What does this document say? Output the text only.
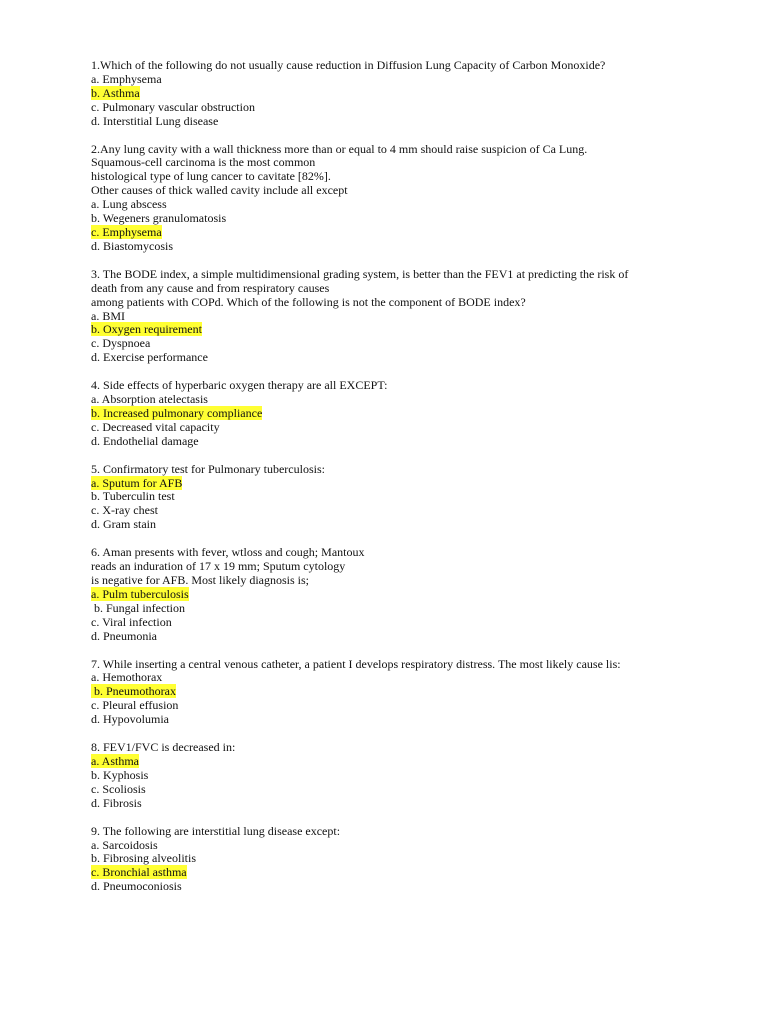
1.Which of the following do not usually cause reduction in Diffusion Lung Capacity of Carbon Monoxide?
a. Emphysema
b. Asthma
c. Pulmonary vascular obstruction
d. Interstitial Lung disease
2.Any lung cavity with a wall thickness more than or equal to 4 mm should raise suspicion of Ca Lung.
Squamous-cell carcinoma is the most common
histological type of lung cancer to cavitate [82%].
Other causes of thick walled cavity include all except
a. Lung abscess
b. Wegeners granulomatosis
c. Emphysema
d. Biastomycosis
3. The BODE index, a simple multidimensional grading system, is better than the FEV1 at predicting the risk of
death from any cause and from respiratory causes
among patients with COPd. Which of the following is not the component of BODE index?
a. BMI
b. Oxygen requirement
c. Dyspnoea
d. Exercise performance
4. Side effects of hyperbaric oxygen therapy are all EXCEPT:
a. Absorption atelectasis
b. Increased pulmonary compliance
c. Decreased vital capacity
d. Endothelial damage
5. Confirmatory test for Pulmonary tuberculosis:
a. Sputum for AFB
b. Tuberculin test
c. X-ray chest
d. Gram stain
6. Aman presents with fever, wtloss and cough; Mantoux
reads an induration of 17 x 19 mm; Sputum cytology
is negative for AFB. Most likely diagnosis is;
a. Pulm tuberculosis
b. Fungal infection
c. Viral infection
d. Pneumonia
7. While inserting a central venous catheter, a patient I develops respiratory distress. The most likely cause lis:
a. Hemothorax
b. Pneumothorax
c. Pleural effusion
d. Hypovolumia
8. FEV1/FVC is decreased in:
a. Asthma
b. Kyphosis
c. Scoliosis
d. Fibrosis
9. The following are interstitial lung disease except:
a. Sarcoidosis
b. Fibrosing alveolitis
c. Bronchial asthma
d. Pneumoconiosis
